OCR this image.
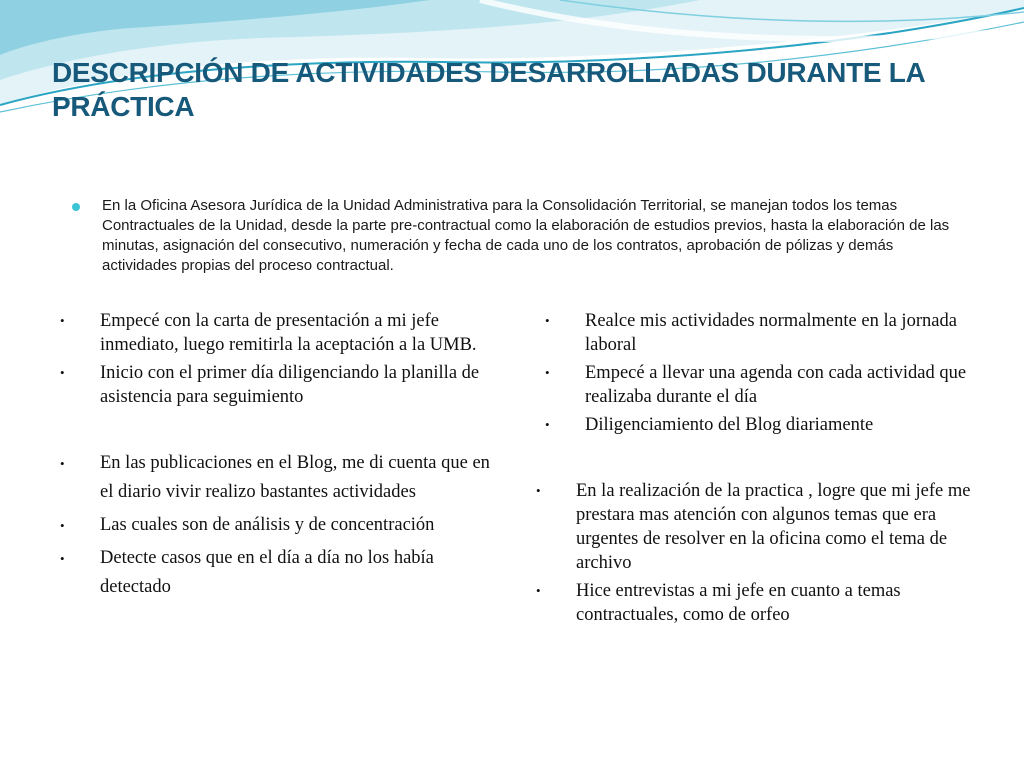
DESCRIPCIÓN DE ACTIVIDADES DESARROLLADAS DURANTE LA PRÁCTICA

En la Oficina Asesora Jurídica de la Unidad Administrativa para la Consolidación Territorial, se manejan todos los temas Contractuales de la Unidad, desde la parte pre-contractual como la elaboración de estudios previos, hasta la elaboración de las minutas, asignación del consecutivo, numeración y fecha de cada uno de los contratos, aprobación de pólizas y demás actividades propias del proceso contractual.

• Empecé con la carta de presentación a mi jefe inmediato, luego remitirla la aceptación a la UMB.
• Inicio con el primer día diligenciando la planilla de asistencia para seguimiento
• En las publicaciones en el Blog, me di cuenta que en el diario vivir realizo bastantes actividades
• Las cuales son de análisis y de concentración
• Detecte casos que en el día a día no los había detectado
• Realce mis actividades normalmente en la jornada laboral
• Empecé a llevar una agenda con cada actividad que realizaba durante el día
• Diligenciamiento del Blog diariamente
• En la realización de la practica , logre que mi jefe me prestara mas atención con algunos temas que era urgentes de resolver en la oficina como el tema de archivo
• Hice entrevistas a mi jefe en cuanto a temas contractuales, como de orfeo
